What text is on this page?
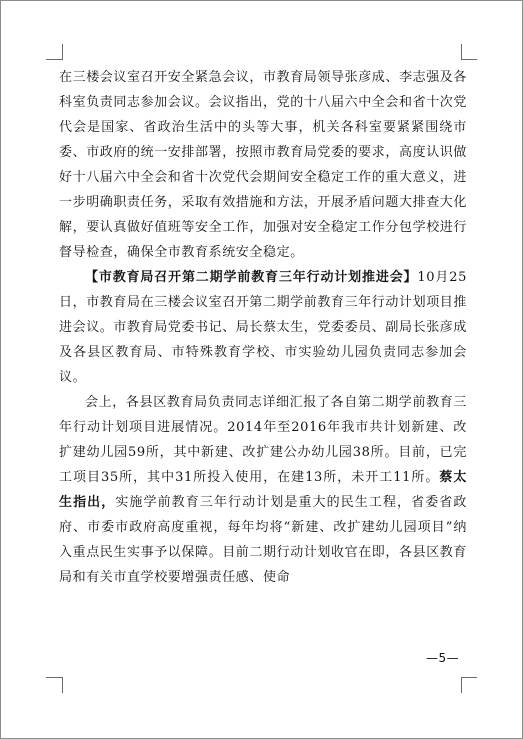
在三楼会议室召开安全紧急会议，市教育局领导张彦成、李志强及各科室负责同志参加会议。会议指出，党的十八届六中全会和省十次党代会是国家、省政治生活中的头等大事，机关各科室要紧紧围绕市委、市政府的统一安排部署，按照市教育局党委的要求，高度认识做好十八届六中全会和省十次党代会期间安全稳定工作的重大意义，进一步明确职责任务，采取有效措施和方法，开展矛盾问题大排查大化解，要认真做好值班等安全工作，加强对安全稳定工作分包学校进行督导检查，确保全市教育系统安全稳定。

【市教育局召开第二期学前教育三年行动计划推进会】10月25日，市教育局在三楼会议室召开第二期学前教育三年行动计划项目推进会议。市教育局党委书记、局长蔡太生，党委委员、副局长张彦成及各县区教育局、市特殊教育学校、市实验幼儿园负责同志参加会议。

会上，各县区教育局负责同志详细汇报了各自第二期学前教育三年行动计划项目进展情况。2014年至2016年我市共计划新建、改扩建幼儿园59所，其中新建、改扩建公办幼儿园38所。目前，已完工项目35所，其中31所投入使用，在建13所，未开工11所。蔡太生指出，实施学前教育三年行动计划是重大的民生工程，省委省政府、市委市政府高度重视，每年均将“新建、改扩建幼儿园项目”纳入重点民生实事予以保障。目前二期行动计划收官在即，各县区教育局和有关市直学校要增强责任感、使命

—5—
